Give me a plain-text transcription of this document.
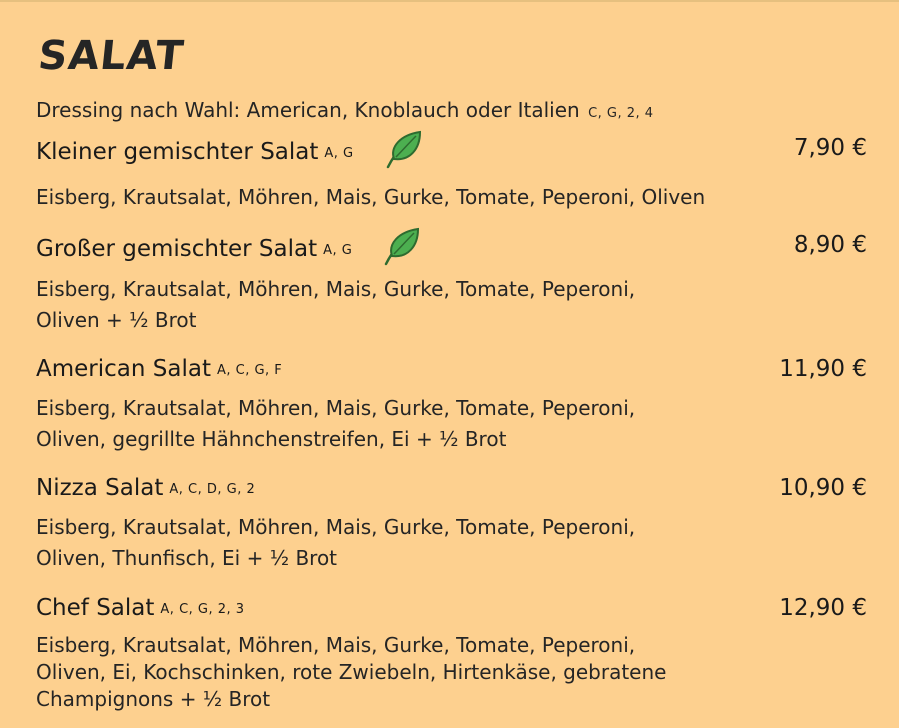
SALAT
Dressing nach Wahl: American, Knoblauch oder Italien C, G, 2, 4
Kleiner gemischter Salat A, G	7,90 €
Eisberg, Krautsalat, Möhren, Mais, Gurke, Tomate, Peperoni, Oliven
Großer gemischter Salat A, G	8,90 €
Eisberg, Krautsalat, Möhren, Mais, Gurke, Tomate, Peperoni,
Oliven + ½ Brot
American Salat A, C, G, F	11,90 €
Eisberg, Krautsalat, Möhren, Mais, Gurke, Tomate, Peperoni,
Oliven, gegrillte Hähnchenstreifen, Ei + ½ Brot
Nizza Salat A, C, D, G, 2	10,90 €
Eisberg, Krautsalat, Möhren, Mais, Gurke, Tomate, Peperoni,
Oliven, Thunfisch, Ei + ½ Brot
Chef Salat A, C, G, 2, 3	12,90 €
Eisberg, Krautsalat, Möhren, Mais, Gurke, Tomate, Peperoni,
Oliven, Ei, Kochschinken, rote Zwiebeln, Hirtenkäse, gebratene
Champignons + ½ Brot
